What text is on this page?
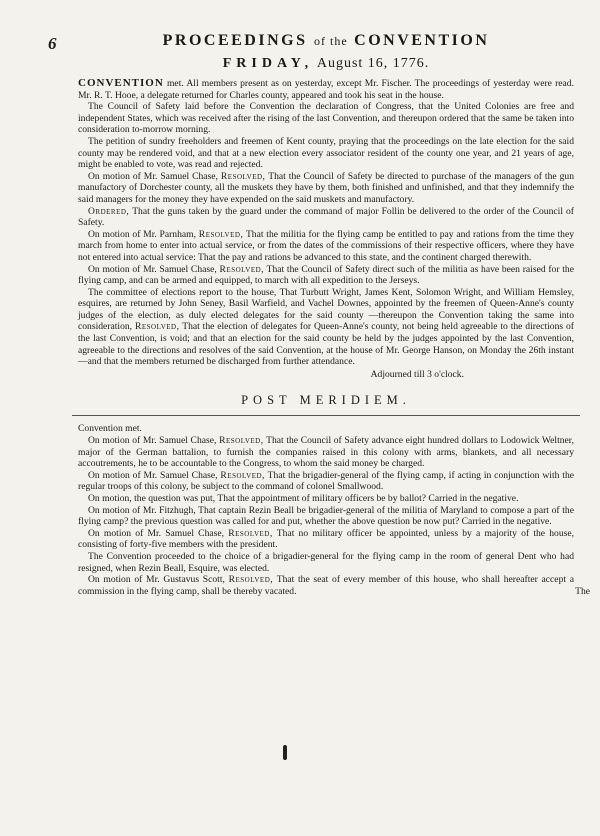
6	PROCEEDINGS of the CONVENTION
FRIDAY, August 16, 1776.

CONVENTION met. All members present as on yesterday, except Mr. Fischer. The proceedings of yesterday were read. Mr. R. T. Hooe, a delegate returned for Charles county, appeared and took his seat in the house.

The Council of Safety laid before the Convention the declaration of Congress, that the United Colonies are free and independent States, which was received after the rising of the last Convention, and thereupon ordered that the same be taken into consideration to-morrow morning.

The petition of sundry freeholders and freemen of Kent county, praying that the proceedings on the late election for the said county may be rendered void, and that at a new election every associator resident of the county one year, and 21 years of age, might be enabled to vote, was read and rejected.

On motion of Mr. Samuel Chase, Resolved, That the Council of Safety be directed to purchase of the managers of the gun manufactory of Dorchester county, all the muskets they have by them, both finished and unfinished, and that they indemnify the said managers for the money they have expended on the said muskets and manufactory.

Ordered, That the guns taken by the guard under the command of major Follin be delivered to the order of the Council of Safety.

On motion of Mr. Parnham, Resolved, That the militia for the flying camp be entitled to pay and rations from the time they march from home to enter into actual service, or from the dates of the commissions of their respective officers, where they have not entered into actual service: That the pay and rations be advanced to this state, and the continent charged therewith.

On motion of Mr. Samuel Chase, Resolved, That the Council of Safety direct such of the militia as have been raised for the flying camp, and can be armed and equipped, to march with all expedition to the Jerseys.

The committee of elections report to the house, That Turbutt Wright, James Kent, Solomon Wright, and William Hemsley, esquires, are returned by John Seney, Basil Warfield, and Vachel Downes, appointed by the freemen of Queen-Anne's county judges of the election, as duly elected delegates for the said county —thereupon the Convention taking the same into consideration, Resolved, That the election of delegates for Queen-Anne's county, not being held agreeable to the directions of the last Convention, is void; and that an election for the said county be held by the judges appointed by the last Convention, agreeable to the directions and resolves of the said Convention, at the house of Mr. George Hanson, on Monday the 26th instant—and that the members returned be discharged from further attendance.

Adjourned till 3 o'clock.

POST MERIDIEM.

Convention met.

On motion of Mr. Samuel Chase, Resolved, That the Council of Safety advance eight hundred dollars to Lodowick Weltner, major of the German battalion, to furnish the companies raised in this colony with arms, blankets, and all necessary accoutrements, he to be accountable to the Congress, to whom the said money be charged.

On motion of Mr. Samuel Chase, Resolved, That the brigadier-general of the flying camp, if acting in conjunction with the regular troops of this colony, be subject to the command of colonel Smallwood.

On motion, the question was put, That the appointment of military officers be by ballot? Carried in the negative.

On motion of Mr. Fitzhugh, That captain Rezin Beall be brigadier-general of the militia of Maryland to compose a part of the flying camp? the previous question was called for and put, whether the above question be now put? Carried in the negative.

On motion of Mr. Samuel Chase, Resolved, That no military officer be appointed, unless by a majority of the house, consisting of forty-five members with the president.

The Convention proceeded to the choice of a brigadier-general for the flying camp in the room of general Dent who had resigned, when Rezin Beall, Esquire, was elected.

On motion of Mr. Gustavus Scott, Resolved, That the seat of every member of this house, who shall hereafter accept a commission in the flying camp, shall be thereby vacated.	The
